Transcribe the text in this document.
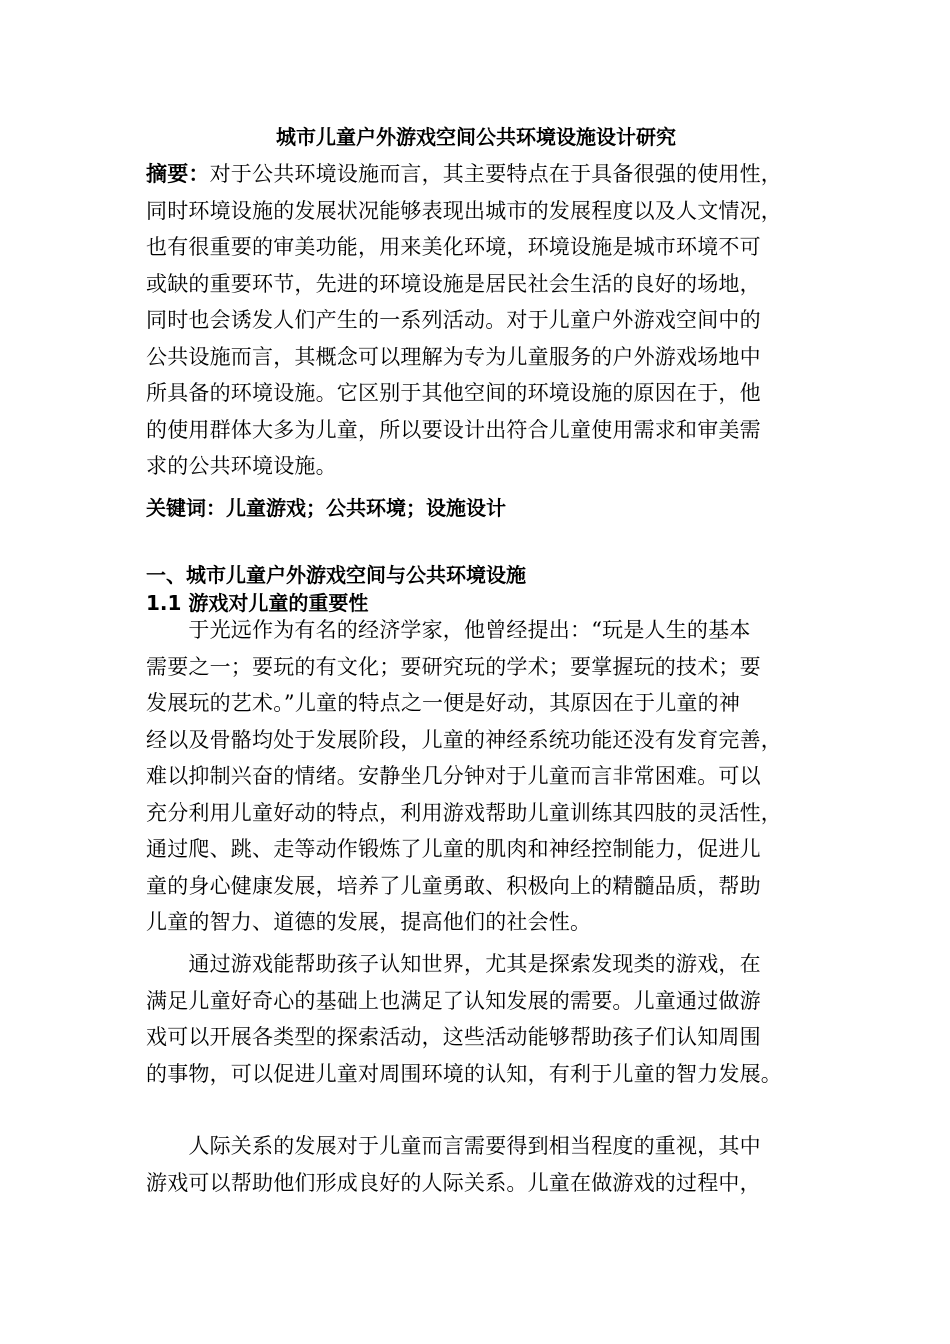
城市儿童户外游戏空间公共环境设施设计研究
摘要：对于公共环境设施而言，其主要特点在于具备很强的使用性，
同时环境设施的发展状况能够表现出城市的发展程度以及人文情况，
也有很重要的审美功能，用来美化环境，环境设施是城市环境不可
或缺的重要环节，先进的环境设施是居民社会生活的良好的场地，
同时也会诱发人们产生的一系列活动。对于儿童户外游戏空间中的
公共设施而言，其概念可以理解为专为儿童服务的户外游戏场地中
所具备的环境设施。它区别于其他空间的环境设施的原因在于，他
的使用群体大多为儿童，所以要设计出符合儿童使用需求和审美需
求的公共环境设施。
关键词：儿童游戏；公共环境；设施设计
一、城市儿童户外游戏空间与公共环境设施
1.1 游戏对儿童的重要性
　　于光远作为有名的经济学家，他曾经提出：“玩是人生的基本
需要之一；要玩的有文化；要研究玩的学术；要掌握玩的技术；要
发展玩的艺术。”儿童的特点之一便是好动，其原因在于儿童的神
经以及骨骼均处于发展阶段，儿童的神经系统功能还没有发育完善，
难以抑制兴奋的情绪。安静坐几分钟对于儿童而言非常困难。可以
充分利用儿童好动的特点，利用游戏帮助儿童训练其四肢的灵活性，
通过爬、跳、走等动作锻炼了儿童的肌肉和神经控制能力，促进儿
童的身心健康发展，培养了儿童勇敢、积极向上的精髓品质，帮助
儿童的智力、道德的发展，提高他们的社会性。
　　通过游戏能帮助孩子认知世界，尤其是探索发现类的游戏，在
满足儿童好奇心的基础上也满足了认知发展的需要。儿童通过做游
戏可以开展各类型的探索活动，这些活动能够帮助孩子们认知周围
的事物，可以促进儿童对周围环境的认知，有利于儿童的智力发展。
　　人际关系的发展对于儿童而言需要得到相当程度的重视，其中
游戏可以帮助他们形成良好的人际关系。儿童在做游戏的过程中，
